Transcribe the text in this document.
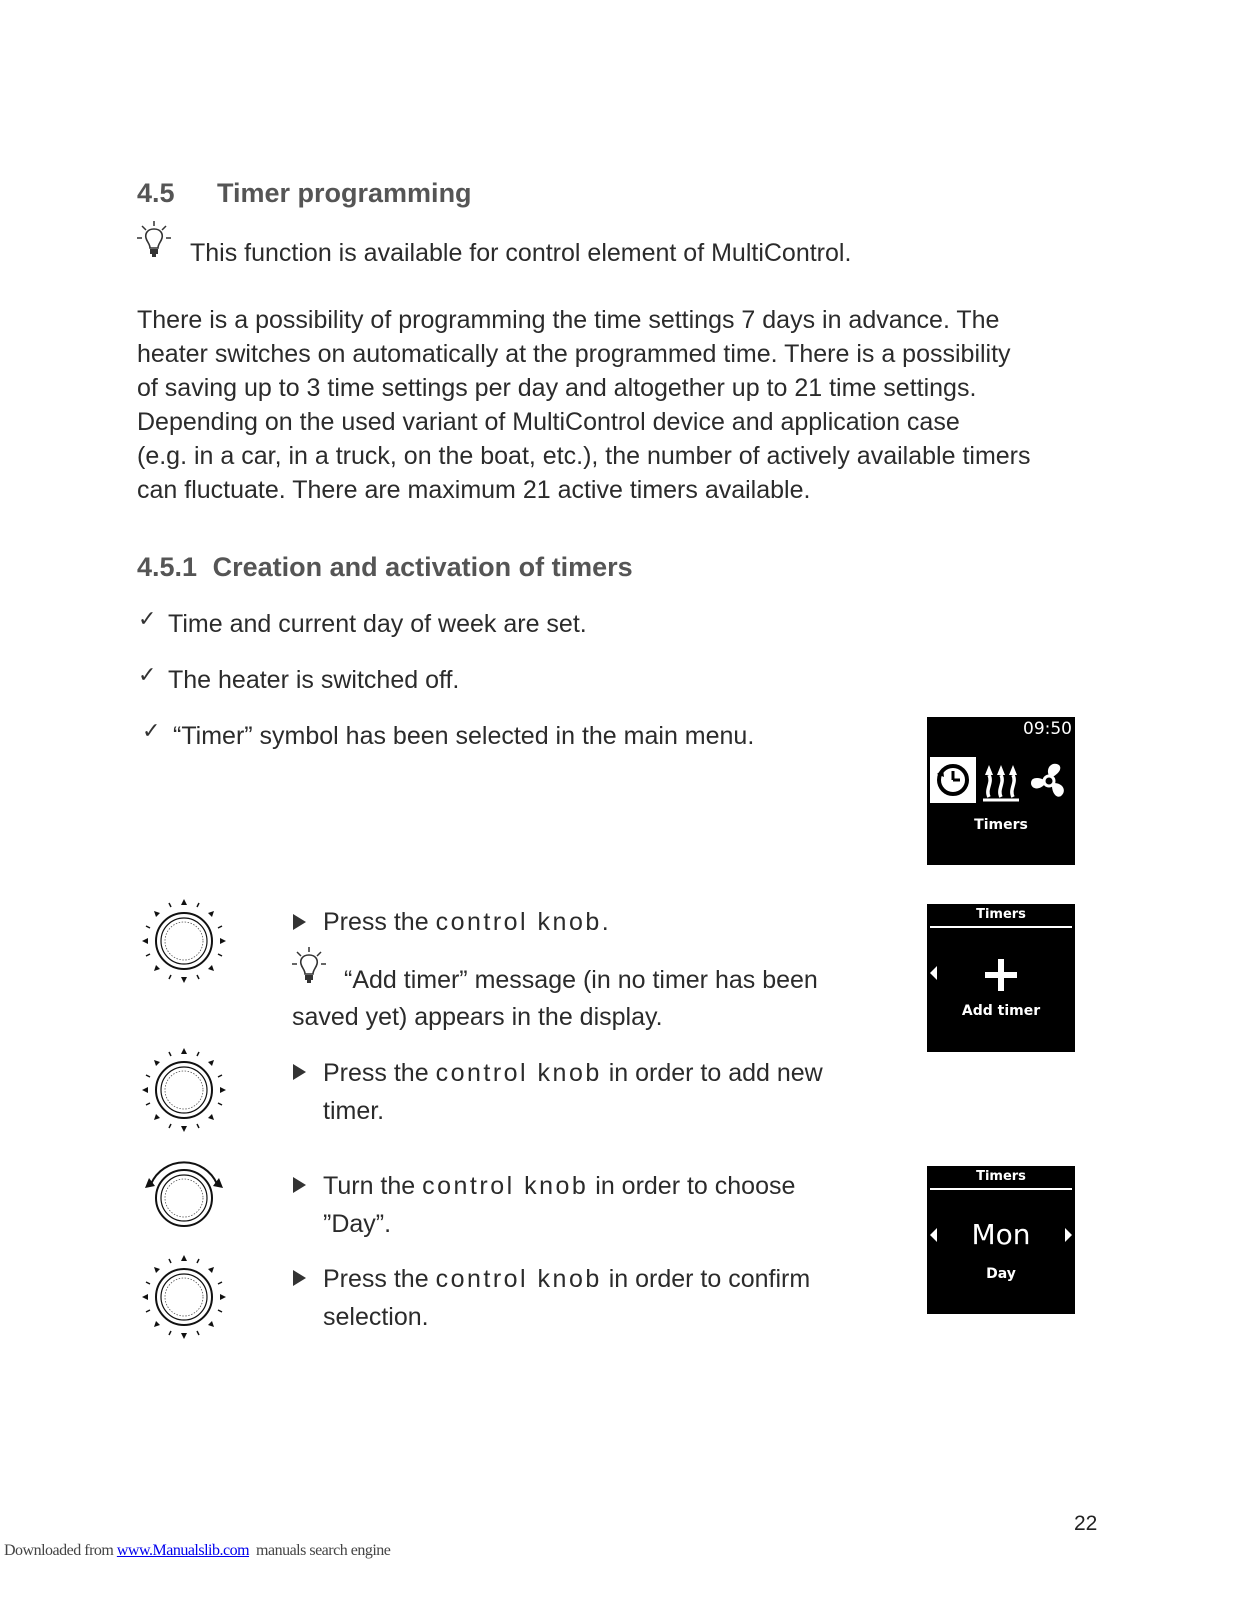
4.5 Timer programming
This function is available for control element of MultiControl.
There is a possibility of programming the time settings 7 days in advance. The
heater switches on automatically at the programmed time. There is a possibility
of saving up to 3 time settings per day and altogether up to 21 time settings.
Depending on the used variant of MultiControl device and application case
(e.g. in a car, in a truck, on the boat, etc.), the number of actively available timers
can fluctuate. There are maximum 21 active timers available.
4.5.1 Creation and activation of timers
✓ Time and current day of week are set.
✓ The heater is switched off.
✓ “Timer” symbol has been selected in the main menu.	09:50
Timers
Press the control knob.
“Add timer” message (in no timer has been
saved yet) appears in the display.
Timers
Add timer
Press the control knob in order to add new
timer.
Turn the control knob in order to choose
”Day”.
Timers
Mon
Day
Press the control knob in order to confirm
selection.
22
Downloaded from www.Manualslib.com  manuals search engine
